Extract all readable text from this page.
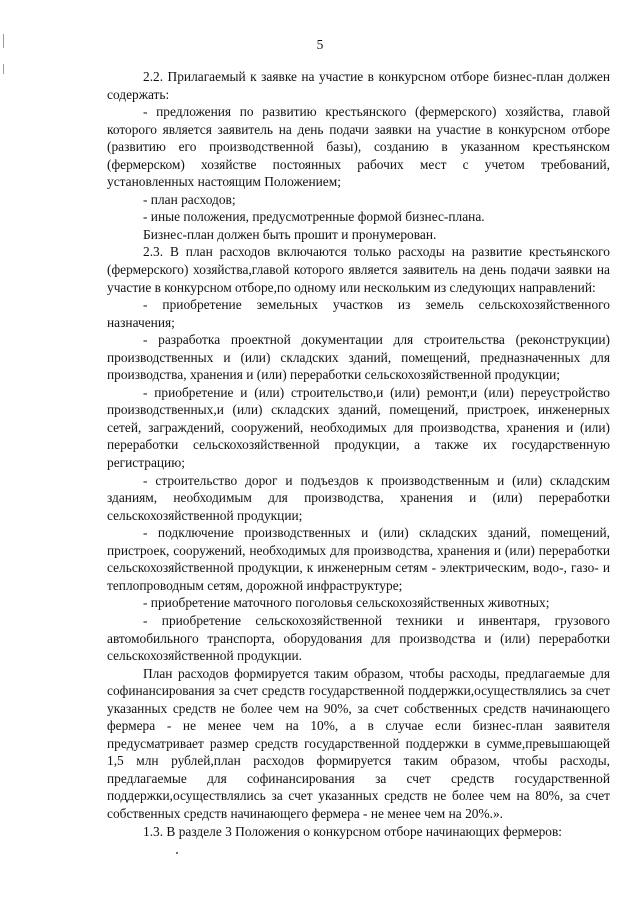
5

2.2. Прилагаемый к заявке на участие в конкурсном отборе бизнес-план должен содержать:

- предложения по развитию крестьянского (фермерского) хозяйства, главой которого является заявитель на день подачи заявки на участие в конкурсном отборе (развитию его производственной базы), созданию в указанном крестьянском (фермерском) хозяйстве постоянных рабочих мест с учетом требований, установленных настоящим Положением;

- план расходов;

- иные положения, предусмотренные формой бизнес-плана.

Бизнес-план должен быть прошит и пронумерован.

2.3. В план расходов включаются только расходы на развитие крестьянского (фермерского) хозяйства,главой которого является заявитель на день подачи заявки на участие в конкурсном отборе,по одному или нескольким из следующих направлений:

- приобретение земельных участков из земель сельскохозяйственного назначения;

- разработка проектной документации для строительства (реконструкции) производственных и (или) складских зданий, помещений, предназначенных для производства, хранения и (или) переработки сельскохозяйственной продукции;

- приобретение и (или) строительство,и (или) ремонт,и (или) переустройство производственных,и (или) складских зданий, помещений, пристроек, инженерных сетей, заграждений, сооружений, необходимых для производства, хранения и (или) переработки сельскохозяйственной продукции, а также их государственную регистрацию;

- строительство дорог и подъездов к производственным и (или) складским зданиям, необходимым для производства, хранения и (или) переработки сельскохозяйственной продукции;

- подключение производственных и (или) складских зданий, помещений, пристроек, сооружений, необходимых для производства, хранения и (или) переработки сельскохозяйственной продукции, к инженерным сетям - электрическим, водо-, газо- и теплопроводным сетям, дорожной инфраструктуре;

- приобретение маточного поголовья сельскохозяйственных животных;

- приобретение сельскохозяйственной техники и инвентаря, грузового автомобильного транспорта, оборудования для производства и (или) переработки сельскохозяйственной продукции.

План расходов формируется таким образом, чтобы расходы, предлагаемые для софинансирования за счет средств государственной поддержки,осуществлялись за счет указанных средств не более чем на 90%, за счет собственных средств начинающего фермера - не менее чем на 10%, а в случае если бизнес-план заявителя предусматривает размер средств государственной поддержки в сумме,превышающей 1,5 млн рублей,план расходов формируется таким образом, чтобы расходы, предлагаемые для софинансирования за счет средств государственной поддержки,осуществлялись за счет указанных средств не более чем на 80%, за счет собственных средств начинающего фермера - не менее чем на 20%.».

1.3. В разделе 3 Положения о конкурсном отборе начинающих фермеров:
